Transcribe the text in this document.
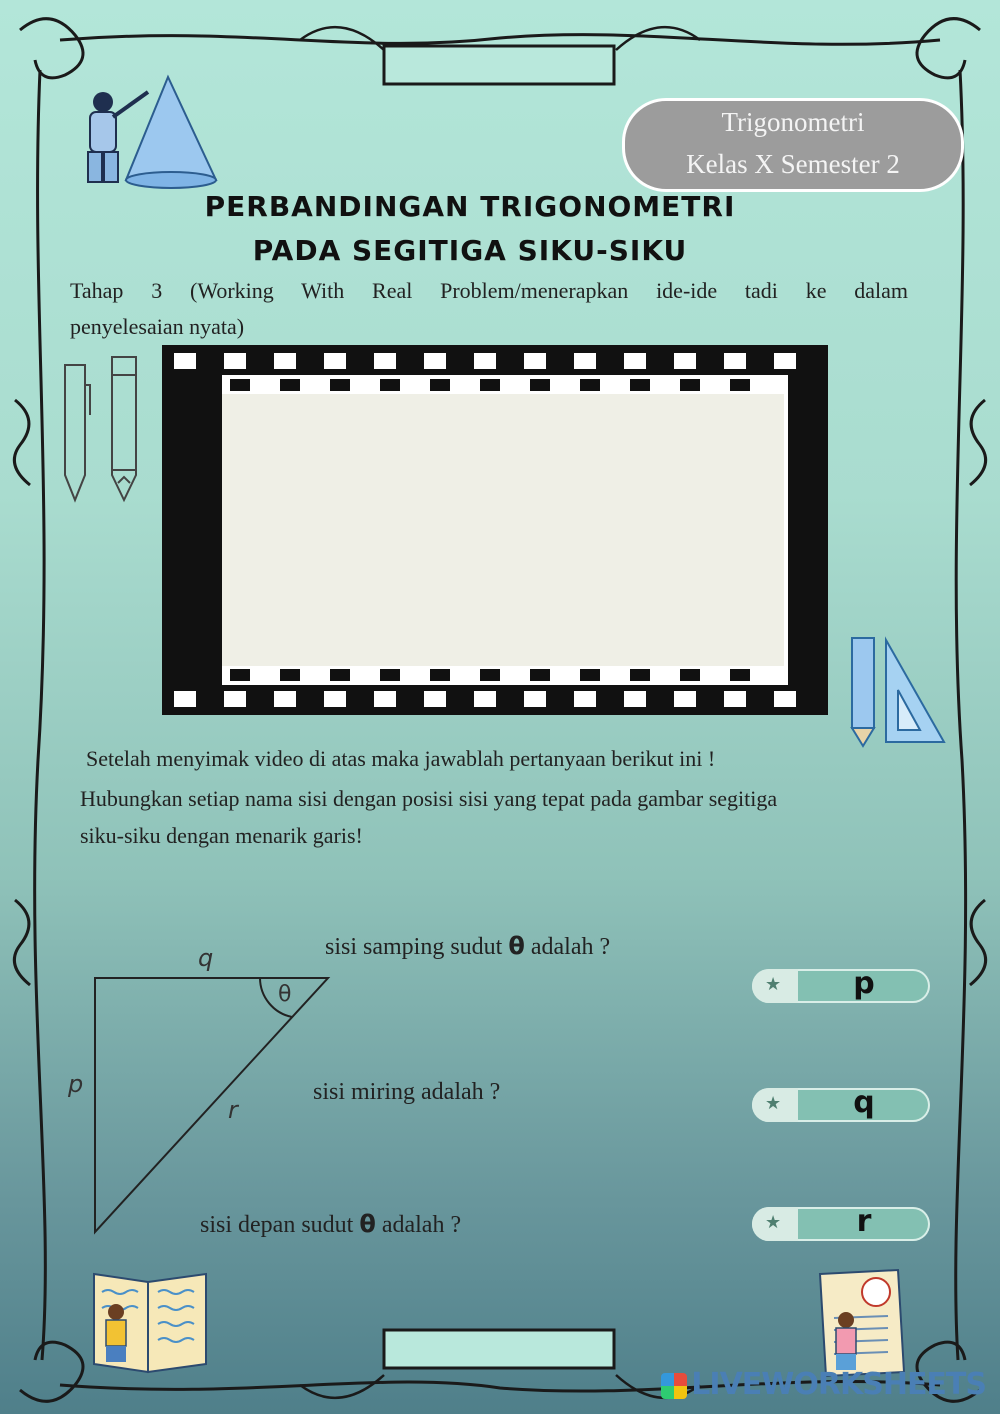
Trigonometri
Kelas X Semester 2
PERBANDINGAN TRIGONOMETRI
PADA SEGITIGA SIKU-SIKU
Tahap 3 (Working With Real Problem/menerapkan ide-ide tadi ke dalam
penyelesaian nyata)
Setelah menyimak video di atas maka jawablah pertanyaan berikut ini !
Hubungkan setiap nama sisi dengan posisi sisi yang tepat pada gambar segitiga
siku-siku dengan menarik garis!
q
p
r
θ
sisi samping sudut θ adalah ?
sisi miring adalah ?
sisi depan sudut θ adalah ?
★	p
★	q
★	r
LIVEWORKSHEETS
